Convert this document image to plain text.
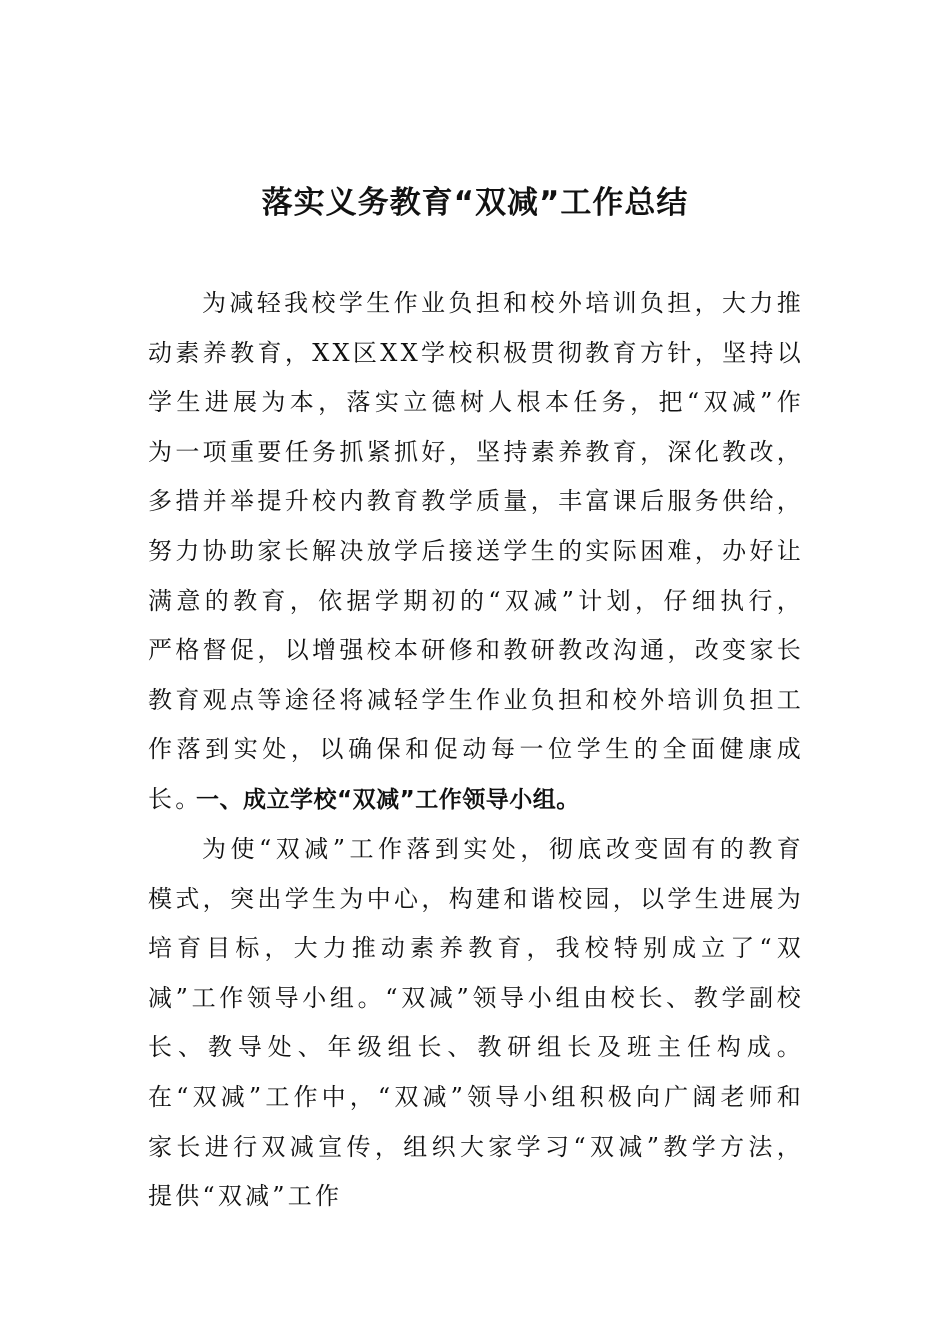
落实义务教育“双减”工作总结

为减轻我校学生作业负担和校外培训负担，大力推动素养教育，XX区XX学校积极贯彻教育方针，坚持以学生进展为本，落实立德树人根本任务，把“双减”作为一项重要任务抓紧抓好，坚持素养教育，深化教改，多措并举提升校内教育教学质量，丰富课后服务供给，努力协助家长解决放学后接送学生的实际困难，办好让满意的教育，依据学期初的“双减”计划，仔细执行，严格督促，以增强校本研修和教研教改沟通，改变家长教育观点等途径将减轻学生作业负担和校外培训负担工作落到实处，以确保和促动每一位学生的全面健康成长。

一、成立学校“双减”工作领导小组。

为使“双减”工作落到实处，彻底改变固有的教育模式，突出学生为中心，构建和谐校园，以学生进展为培育目标，大力推动素养教育，我校特别成立了“双减”工作领导小组。“双减”领导小组由校长、教学副校长、教导处、年级组长、教研组长及班主任构成。在“双减”工作中，“双减”领导小组积极向广阔老师和家长进行双减宣传，组织大家学习“双减”教学方法，提供“双减”工作
